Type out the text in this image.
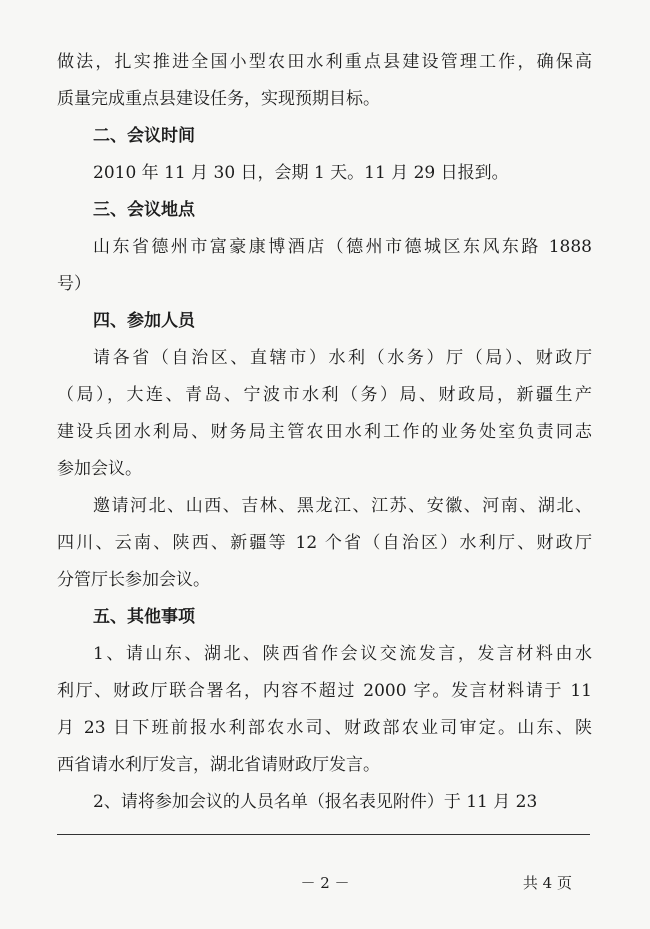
做法，扎实推进全国小型农田水利重点县建设管理工作，确保高
质量完成重点县建设任务，实现预期目标。
二、会议时间
2010 年 11 月 30 日，会期 1 天。11 月 29 日报到。
三、会议地点
山东省德州市富豪康博酒店（德州市德城区东风东路 1888
号）
四、参加人员
请各省（自治区、直辖市）水利（水务）厅（局）、财政厅
（局），大连、青岛、宁波市水利（务）局、财政局，新疆生产
建设兵团水利局、财务局主管农田水利工作的业务处室负责同志
参加会议。
邀请河北、山西、吉林、黑龙江、江苏、安徽、河南、湖北、
四川、云南、陕西、新疆等 12 个省（自治区）水利厅、财政厅
分管厅长参加会议。
五、其他事项
1、请山东、湖北、陕西省作会议交流发言，发言材料由水
利厅、财政厅联合署名，内容不超过 2000 字。发言材料请于 11
月 23 日下班前报水利部农水司、财政部农业司审定。山东、陕
西省请水利厅发言，湖北省请财政厅发言。
2、请将参加会议的人员名单（报名表见附件）于 11 月 23
－ 2 －	共 4 页
